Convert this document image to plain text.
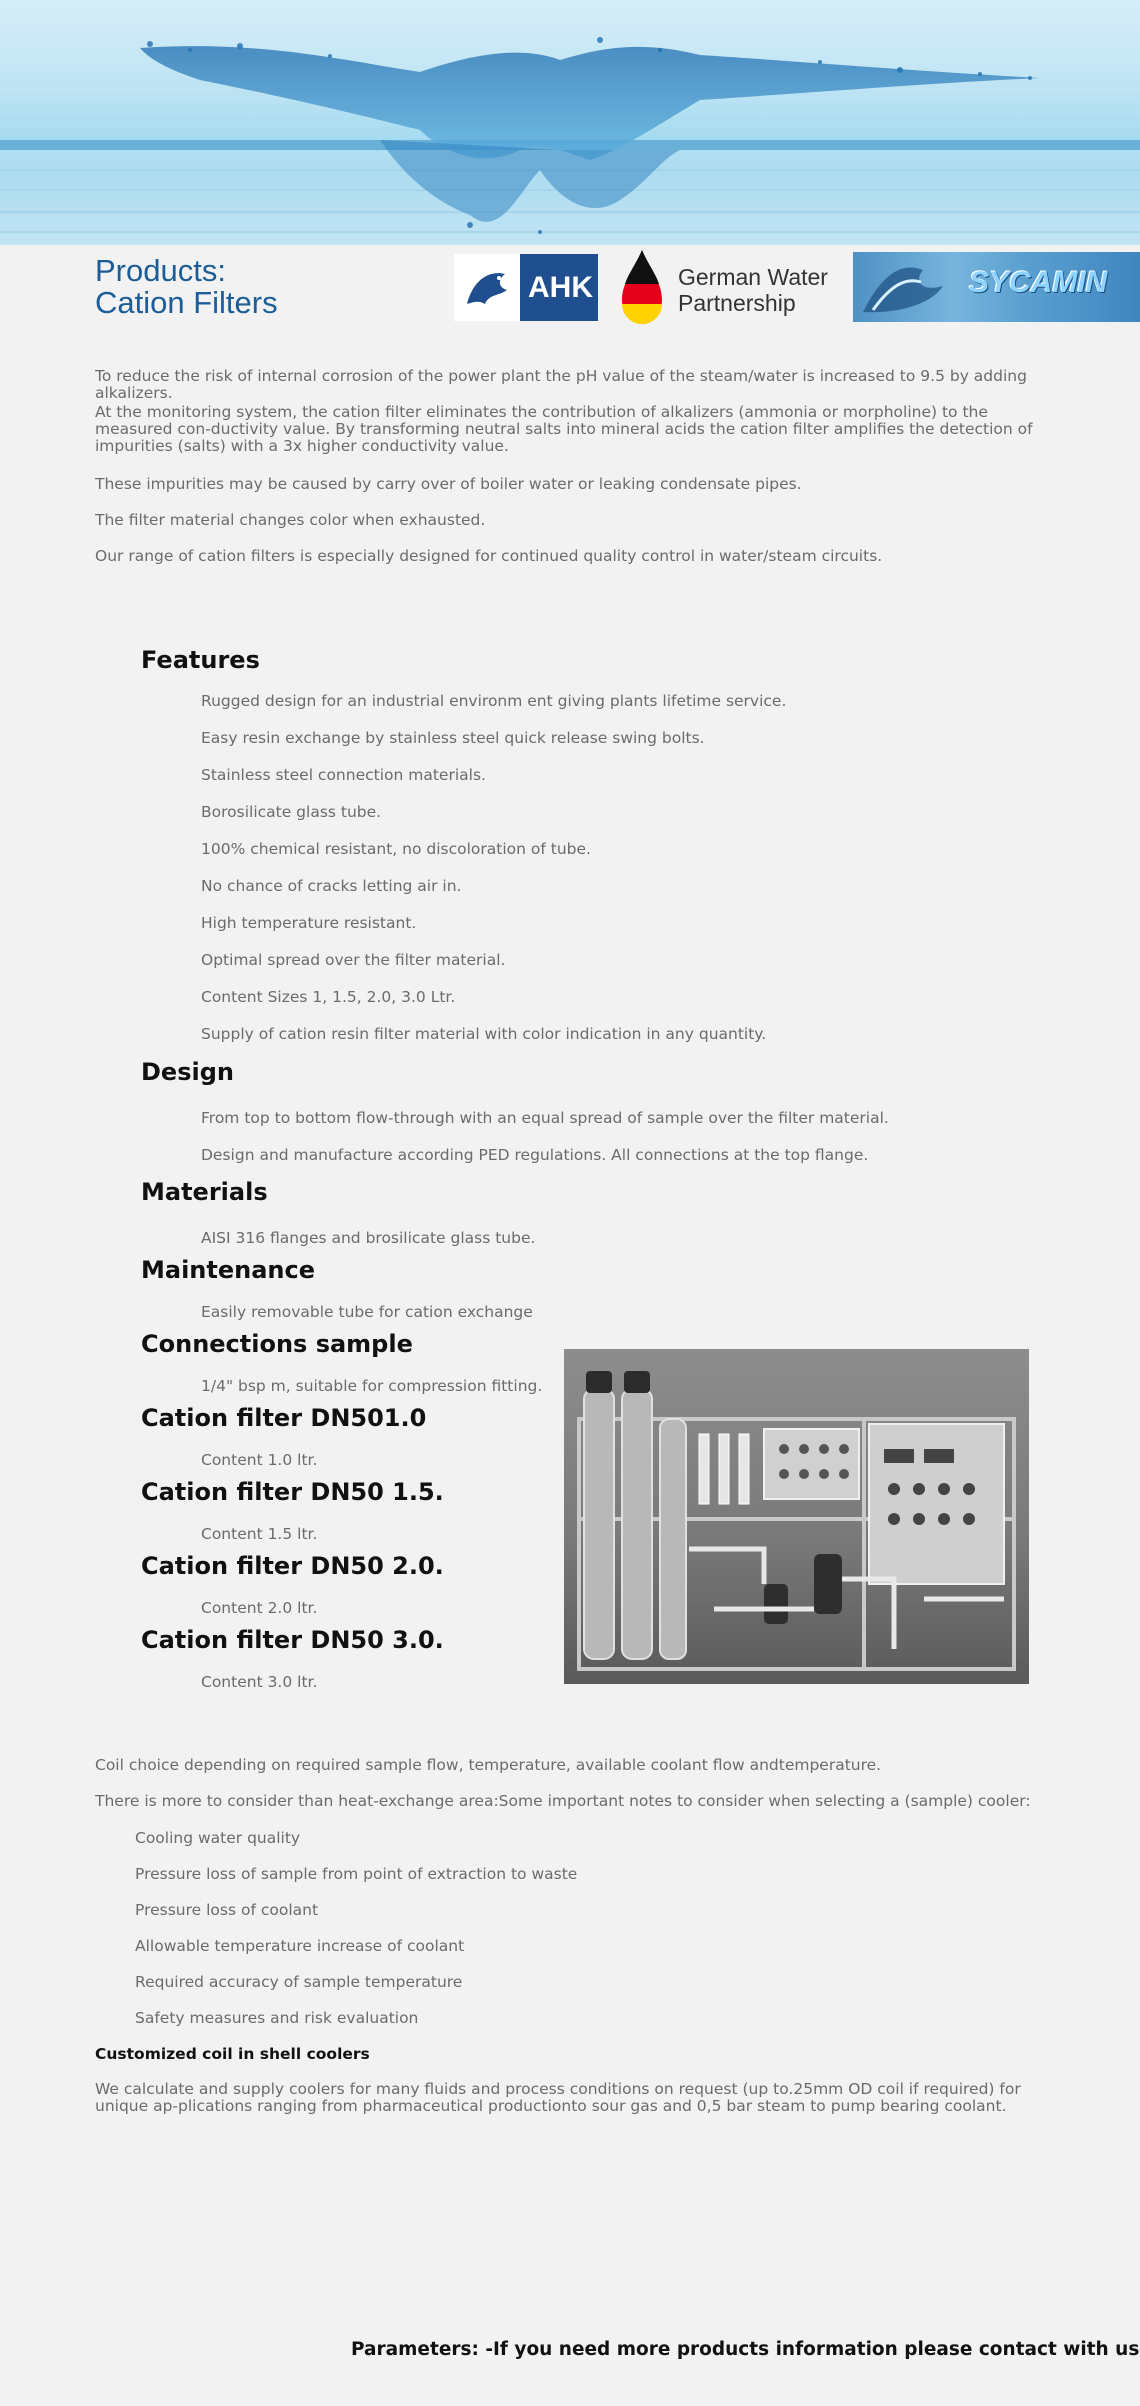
Products:
Cation Filters	AHK	German Water
Partnership
SYCAMIN
To reduce the risk of internal corrosion of the power plant the pH value of the steam/water is increased to 9.5 by adding alkalizers.
At the monitoring system, the cation filter eliminates the contribution of alkalizers (ammonia or morpholine) to the measured con-ductivity value. By transforming neutral salts into mineral acids the cation filter amplifies the detection of impurities (salts) with a 3x higher conductivity value.
These impurities may be caused by carry over of boiler water or leaking condensate pipes.
The filter material changes color when exhausted.
Our range of cation filters is especially designed for continued quality control in water/steam circuits.
Features
Rugged design for an industrial environm ent giving plants lifetime service.
Easy resin exchange by stainless steel quick release swing bolts.
Stainless steel connection materials.
Borosilicate glass tube.
100% chemical resistant, no discoloration of tube.
No chance of cracks letting air in.
High temperature resistant.
Optimal spread over the filter material.
Content Sizes 1, 1.5, 2.0, 3.0 Ltr.
Supply of cation resin filter material with color indication in any quantity.
Design
From top to bottom flow-through with an equal spread of sample over the filter material.
Design and manufacture according PED regulations. All connections at the top flange.
Materials
AISI 316 flanges and brosilicate glass tube.
Maintenance
Easily removable tube for cation exchange
Connections sample
1/4" bsp m, suitable for compression fitting.
Cation filter DN501.0
Content 1.0 ltr.
Cation filter DN50 1.5.
Content 1.5 ltr.
Cation filter DN50 2.0.
Content 2.0 ltr.
Cation filter DN50 3.0.
Content 3.0 ltr.
Coil choice depending on required sample flow, temperature, available coolant flow andtemperature.
There is more to consider than heat-exchange area:Some important notes to consider when selecting a (sample) cooler:
Cooling water quality
Pressure loss of sample from point of extraction to waste
Pressure loss of coolant
Allowable temperature increase of coolant
Required accuracy of sample temperature
Safety measures and risk evaluation
Customized coil in shell coolers
We calculate and supply coolers for many fluids and process conditions on request (up to.25mm OD coil if required) for unique ap-plications ranging from pharmaceutical productionto sour gas and 0,5 bar steam to pump bearing coolant.
Parameters: -If you need more products information please contact with us
